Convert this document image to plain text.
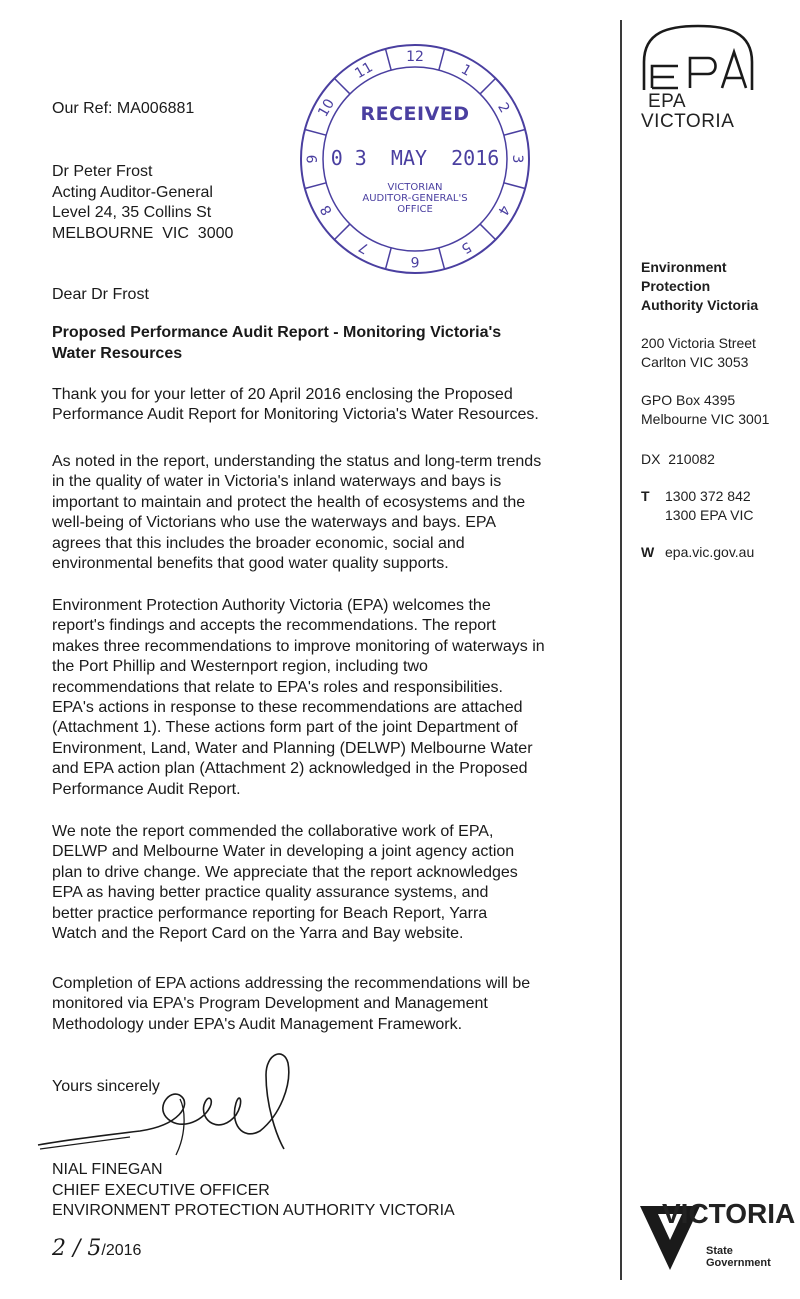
Our Ref: MA006881
Dr Peter Frost
Acting Auditor-General
Level 24, 35 Collins St
MELBOURNE  VIC  3000
Dear Dr Frost
Proposed Performance Audit Report - Monitoring Victoria's
Water Resources

Thank you for your letter of 20 April 2016 enclosing the Proposed

Performance Audit Report for Monitoring Victoria's Water Resources.

As noted in the report, understanding the status and long-term trends

in the quality of water in Victoria's inland waterways and bays is

important to maintain and protect the health of ecosystems and the

well-being of Victorians who use the waterways and bays. EPA

agrees that this includes the broader economic, social and

environmental benefits that good water quality supports.

Environment Protection Authority Victoria (EPA) welcomes the

report's findings and accepts the recommendations. The report

makes three recommendations to improve monitoring of waterways in

the Port Phillip and Westernport region, including two

recommendations that relate to EPA's roles and responsibilities.

EPA's actions in response to these recommendations are attached

(Attachment 1). These actions form part of the joint Department of

Environment, Land, Water and Planning (DELWP) Melbourne Water

and EPA action plan (Attachment 2) acknowledged in the Proposed

Performance Audit Report.

We note the report commended the collaborative work of EPA,

DELWP and Melbourne Water in developing a joint agency action

plan to drive change. We appreciate that the report acknowledges

EPA as having better practice quality assurance systems, and

better practice performance reporting for Beach Report, Yarra

Watch and the Report Card on the Yarra and Bay website.

Completion of EPA actions addressing the recommendations will be

monitored via EPA's Program Development and Management

Methodology under EPA's Audit Management Framework.

Yours sincerely
NIAL FINEGAN
CHIEF EXECUTIVE OFFICER
ENVIRONMENT PROTECTION AUTHORITY VICTORIA
2 / 5/2016
RECEIVED
0 3  MAY  2016
VICTORIAN
AUDITOR-GENERAL'S
OFFICE
12
1
2
3
4
5
6
7
8
9
10
11
EPA
VICTORIA
Environment
Protection
Authority Victoria
200 Victoria Street
Carlton VIC 3053
GPO Box 4395
Melbourne VIC 3001
DX  210082
T 1300 372 842
1300 EPA VIC
W epa.vic.gov.au
VICTORIA
State
Government
